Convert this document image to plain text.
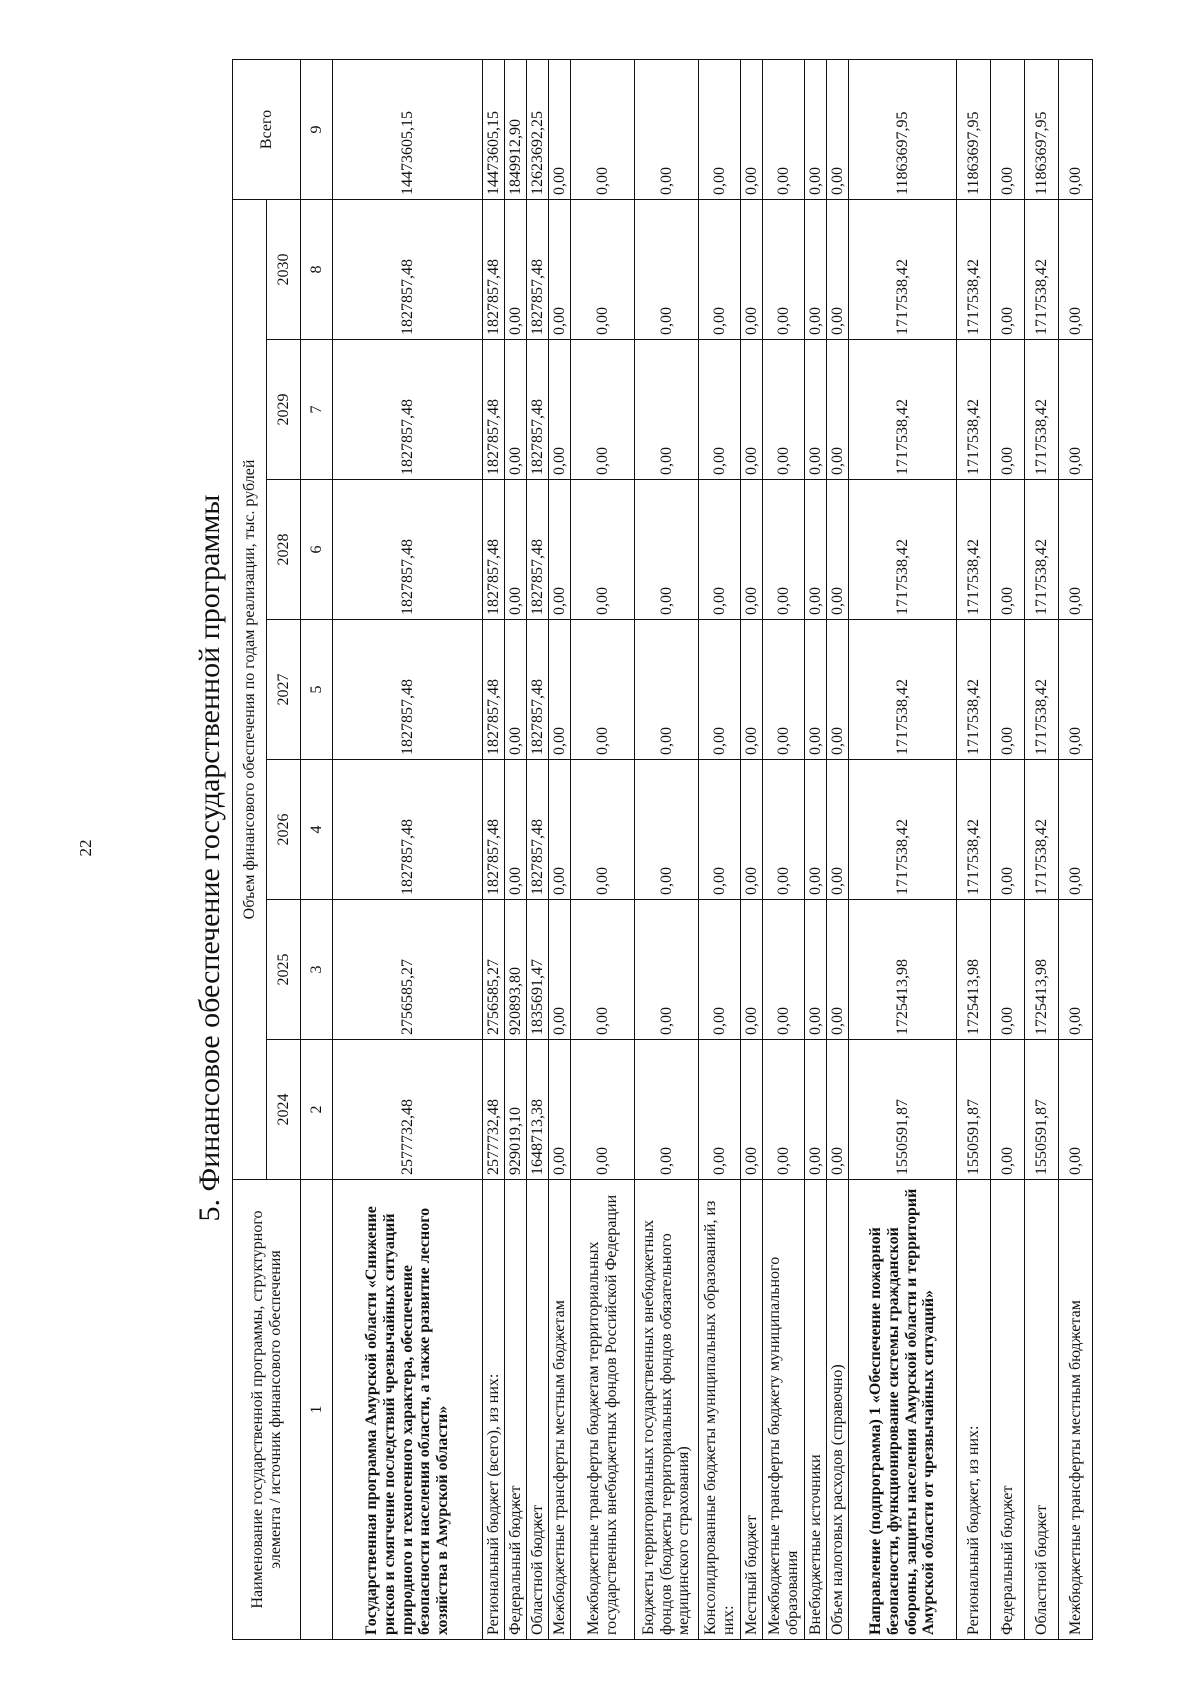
22	5. Финансовое обеспечение государственной программы
Наименование государственной программы, структурного элемента / источник финансового обеспечения	Объем финансового обеспечения по годам реализации, тыс. рублей							Всего
	2024	2025	2026	2027	2028	2029	2030	
1	2	3	4	5	6	7	8	9
Государственная программа Амурской области «Снижение рисков и смягчение последствий чрезвычайных ситуаций природного и техногенного характера, обеспечение безопасности населения области, а также развитие лесного хозяйства в Амурской области»	2577732,48	2756585,27	1827857,48	1827857,48	1827857,48	1827857,48	1827857,48	14473605,15
Региональный бюджет (всего), из них:	2577732,48	2756585,27	1827857,48	1827857,48	1827857,48	1827857,48	1827857,48	14473605,15
Федеральный бюджет	929019,10	920893,80	0,00	0,00	0,00	0,00	0,00	1849912,90
Областной бюджет	1648713,38	1835691,47	1827857,48	1827857,48	1827857,48	1827857,48	1827857,48	12623692,25
Межбюджетные трансферты местным бюджетам	0,00	0,00	0,00	0,00	0,00	0,00	0,00	0,00
Межбюджетные трансферты бюджетам территориальных государственных внебюджетных фондов Российской Федерации	0,00	0,00	0,00	0,00	0,00	0,00	0,00	0,00
Бюджеты территориальных государственных внебюджетных фондов (бюджеты территориальных фондов обязательного медицинского страхования)	0,00	0,00	0,00	0,00	0,00	0,00	0,00	0,00
Консолидированные бюджеты муниципальных образований, из них:	0,00	0,00	0,00	0,00	0,00	0,00	0,00	0,00
Местный бюджет	0,00	0,00	0,00	0,00	0,00	0,00	0,00	0,00
Межбюджетные трансферты бюджету муниципального образования	0,00	0,00	0,00	0,00	0,00	0,00	0,00	0,00
Внебюджетные источники	0,00	0,00	0,00	0,00	0,00	0,00	0,00	0,00
Объем налоговых расходов (справочно)	0,00	0,00	0,00	0,00	0,00	0,00	0,00	0,00
Направление (подпрограмма) 1 «Обеспечение пожарной безопасности, функционирование системы гражданской обороны, защиты населения Амурской области и территорий Амурской области от чрезвычайных ситуаций»	1550591,87	1725413,98	1717538,42	1717538,42	1717538,42	1717538,42	1717538,42	11863697,95
Региональный бюджет, из них:	1550591,87	1725413,98	1717538,42	1717538,42	1717538,42	1717538,42	1717538,42	11863697,95
Федеральный бюджет	0,00	0,00	0,00	0,00	0,00	0,00	0,00	0,00
Областной бюджет	1550591,87	1725413,98	1717538,42	1717538,42	1717538,42	1717538,42	1717538,42	11863697,95
Межбюджетные трансферты местным бюджетам	0,00	0,00	0,00	0,00	0,00	0,00	0,00	0,00
